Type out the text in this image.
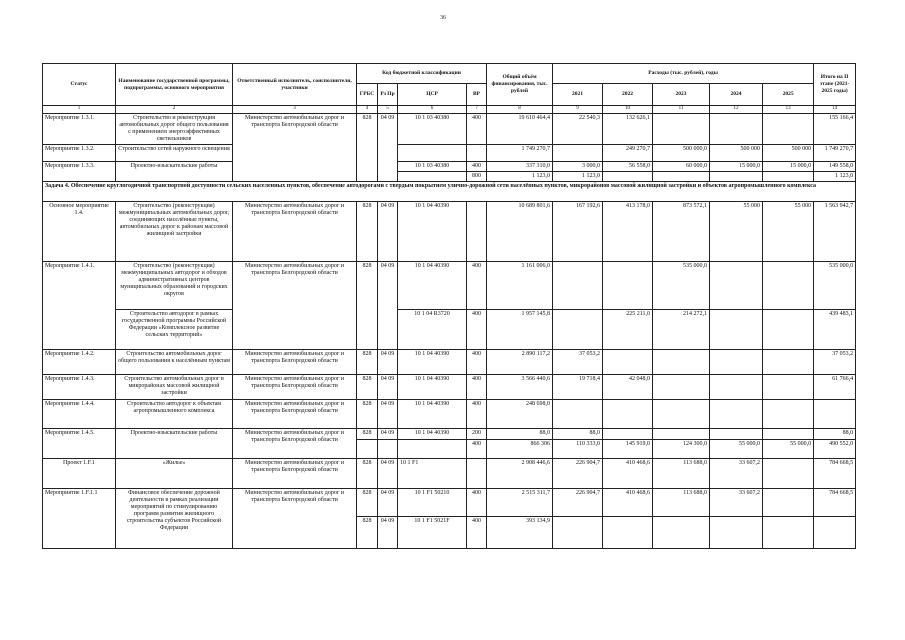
36
Статус	Наименование государственной программы, подпрограммы, основного мероприятия	Ответственный исполнитель, соисполнители, участники	Код бюджетной классификации				Общий объём финансирования, тыс. рублей	Расходы (тыс. рублей), годы					Итого на II этапе (2021-2025 годы)
			ГРБС	Рз Пр	ЦСР	ВР		2021	2022	2023	2024	2025	
1	2	3	4	5	6	7	8	9	10	11	12	13	14
Мероприятие 1.3.1.	Строительство и реконструкция автомобильных дорог общего пользования с применением энергоэффективных светильников	Министерство автомобильных дорог и транспорта Белгородской области	828	04 09	10 1 03 40380	400	19 610 464,4	22 540,3	132 626,1				155 166,4
Мероприятие 1.3.2.	Строительство сетей наружного освещения						1 749 270,7		249 270,7	500 000,0	500 000	500 000	1 749 270,7
Мероприятие 1.3.3.	Проектно-изыскательские работы				10 1 03 40380	400	337 310,0	3 000,0	56 558,0	60 000,0	15 000,0	15 000,0	149 558,0
						800	1 123,0	1 123,0					1 123,0
Задача 4. Обеспечение круглогодичной транспортной доступности сельских населенных пунктов, обеспечение автодорогами с твердым покрытием улично-дорожной сети населённых пунктов, микрорайонов массовой жилищной застройки и объектов агропромышленного комплекса													
Основное мероприятие 1.4.	Строительство (реконструкция) межмуниципальных автомобильных дорог, соединяющих населённые пункты, автомобильных дорог к районам массовой жилищной застройки	Министерство автомобильных дорог и транспорта Белгородской области	828	04 09	10 1 04 40390		10 689 801,6	167 192,6	413 178,0	873 572,1	55 000	55 000	1 563 942,7
Мероприятие 1.4.1.	Строительство (реконструкция) межмуниципальных автодорог и обходов административных центров муниципальных образований и городских округов	Министерство автомобильных дорог и транспорта Белгородской области	828	04 09	10 1 04 40390	400	1 161 006,0			535 000,0			535 000,0
	Строительство автодорог в рамках государственной программы Российской Федерации «Комплексное развитие сельских территорий»				10 1 04 R3720	400	1 957 145,8		225 211,0	214 272,1			439 483,1
Мероприятие 1.4.2.	Строительство автомобильных дорог общего пользования к населённым пунктам	Министерство автомобильных дорог и транспорта Белгородской области	828	04 09	10 1 04 40390	400	2 890 117,2	37 053,2					37 053,2
Мероприятие 1.4.3.	Строительство автомобильных дорог в микрорайонах массовой жилищной застройки	Министерство автомобильных дорог и транспорта Белгородской области	828	04 09	10 1 04 40390	400	3 566 440,6	19 718,4	42 048,0				61 766,4
Мероприятие 1.4.4.	Строительство автодорог к объектам агропромышленного комплекса	Министерство автомобильных дорог и транспорта Белгородской области	828	04 09	10 1 04 40390	400	248 698,0						
Мероприятие 1.4.5.	Проектно-изыскательские работы	Министерство автомобильных дорог и транспорта Белгородской области	828	04 09	10 1 04 40390	200	88,0	88,0					88,0
						400	866 306	110 333,0	145 919,0	124 300,0	55 000,0	55 000,0	490 552,0
Проект 1.F.1	«Жилье»	Министерство автомобильных дорог и транспорта Белгородской области	828	04 09	10 1 F1		2 908 446,6	226 904,7	410 468,6	113 688,0	33 607,2		784 668,5
Мероприятие 1.F.1.1	Финансовое обеспечение дорожной деятельности в рамках реализации мероприятий по стимулированию программ развития жилищного строительства субъектов Российской Федерации	Министерство автомобильных дорог и транспорта Белгородской области	828	04 09	10 1 F1 50210	400	2 515 311,7	226 904,7	410 468,6	113 688,0	33 607,2		784 668,5
			828	04 09	10 1 F1 5021F	400	393 134,9						
